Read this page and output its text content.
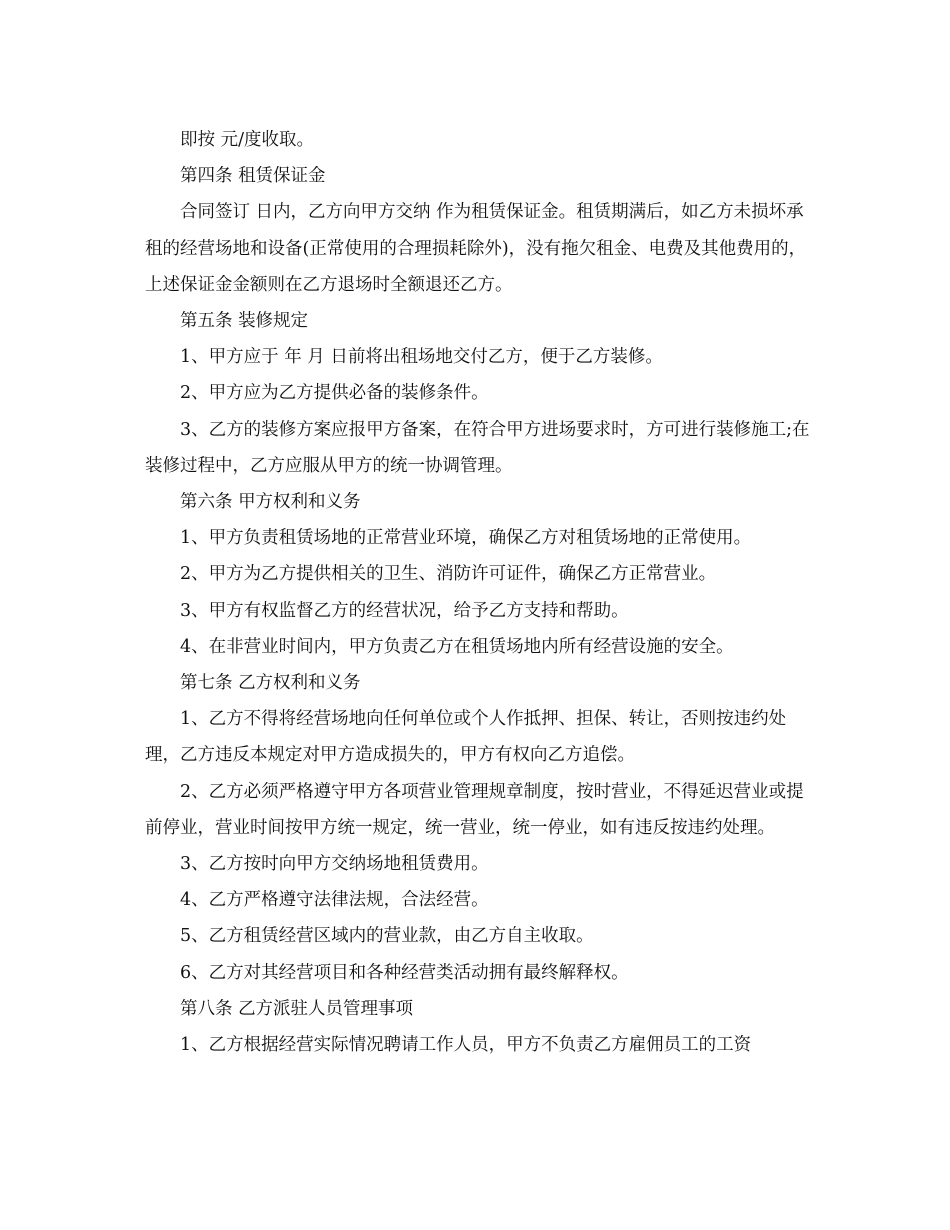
即按 元/度收取。

第四条 租赁保证金

合同签订 日内，乙方向甲方交纳 作为租赁保证金。租赁期满后，如乙方未损坏承租的经营场地和设备(正常使用的合理损耗除外)，没有拖欠租金、电费及其他费用的，上述保证金金额则在乙方退场时全额退还乙方。

第五条 装修规定

1、甲方应于 年 月 日前将出租场地交付乙方，便于乙方装修。

2、甲方应为乙方提供必备的装修条件。

3、乙方的装修方案应报甲方备案，在符合甲方进场要求时，方可进行装修施工;在装修过程中，乙方应服从甲方的统一协调管理。

第六条 甲方权利和义务

1、甲方负责租赁场地的正常营业环境，确保乙方对租赁场地的正常使用。

2、甲方为乙方提供相关的卫生、消防许可证件，确保乙方正常营业。

3、甲方有权监督乙方的经营状况，给予乙方支持和帮助。

4、在非营业时间内，甲方负责乙方在租赁场地内所有经营设施的安全。

第七条 乙方权利和义务

1、乙方不得将经营场地向任何单位或个人作抵押、担保、转让，否则按违约处理，乙方违反本规定对甲方造成损失的，甲方有权向乙方追偿。

2、乙方必须严格遵守甲方各项营业管理规章制度，按时营业，不得延迟营业或提前停业，营业时间按甲方统一规定，统一营业，统一停业，如有违反按违约处理。

3、乙方按时向甲方交纳场地租赁费用。

4、乙方严格遵守法律法规，合法经营。

5、乙方租赁经营区域内的营业款，由乙方自主收取。

6、乙方对其经营项目和各种经营类活动拥有最终解释权。

第八条 乙方派驻人员管理事项

1、乙方根据经营实际情况聘请工作人员，甲方不负责乙方雇佣员工的工资
